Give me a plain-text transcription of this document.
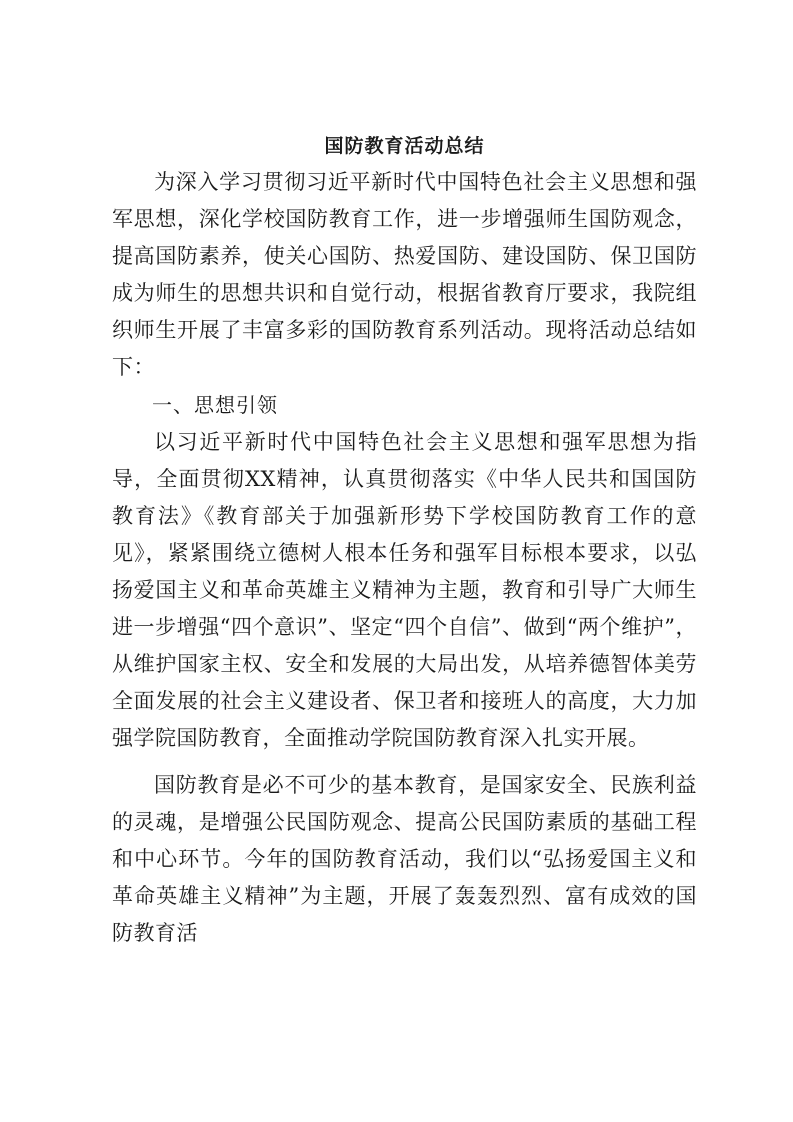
国防教育活动总结

为深入学习贯彻习近平新时代中国特色社会主义思想和强军思想，深化学校国防教育工作，进一步增强师生国防观念，提高国防素养，使关心国防、热爱国防、建设国防、保卫国防成为师生的思想共识和自觉行动，根据省教育厅要求，我院组织师生开展了丰富多彩的国防教育系列活动。现将活动总结如下：

一、思想引领

以习近平新时代中国特色社会主义思想和强军思想为指导，全面贯彻XX精神，认真贯彻落实《中华人民共和国国防教育法》《教育部关于加强新形势下学校国防教育工作的意见》，紧紧围绕立德树人根本任务和强军目标根本要求，以弘扬爱国主义和革命英雄主义精神为主题，教育和引导广大师生进一步增强“四个意识”、坚定“四个自信”、做到“两个维护”，从维护国家主权、安全和发展的大局出发，从培养德智体美劳全面发展的社会主义建设者、保卫者和接班人的高度，大力加强学院国防教育，全面推动学院国防教育深入扎实开展。

国防教育是必不可少的基本教育，是国家安全、民族利益的灵魂，是增强公民国防观念、提高公民国防素质的基础工程和中心环节。今年的国防教育活动，我们以“弘扬爱国主义和革命英雄主义精神”为主题，开展了轰轰烈烈、富有成效的国防教育活
